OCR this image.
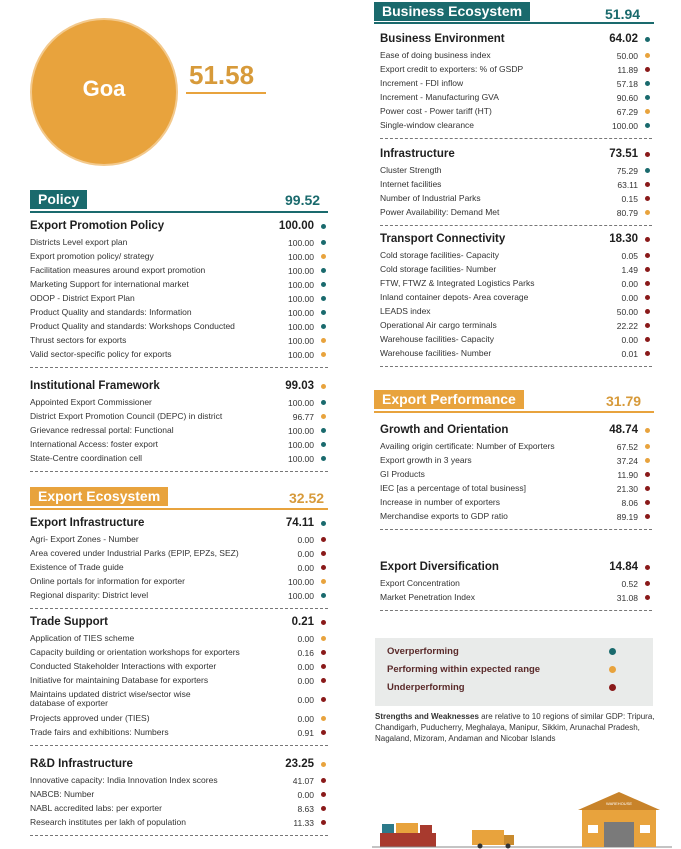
Goa	51.58
Policy	99.52
Export Promotion Policy	100.00
Districts Level export plan	100.00
Export promotion policy/ strategy	100.00
Facilitation measures around export promotion	100.00
Marketing Support for international market	100.00
ODOP - District Export Plan	100.00
Product Quality and standards: Information	100.00
Product Quality and standards: Workshops Conducted	100.00
Thrust sectors for exports	100.00
Valid sector-specific policy for exports	100.00
Institutional Framework	99.03
Appointed Export Commissioner	100.00
District Export Promotion Council (DEPC) in district	96.77
Grievance redressal portal: Functional	100.00
International Access: foster export	100.00
State-Centre coordination cell	100.00
Export Ecosystem	32.52
Export Infrastructure	74.11
Agri- Export Zones - Number	0.00
Area covered under Industrial Parks (EPIP, EPZs, SEZ)	0.00
Existence of Trade guide	0.00
Online portals for information for exporter	100.00
Regional disparity: District level	100.00
Trade Support	0.21
Application of TIES scheme	0.00
Capacity building or orientation workshops for exporters	0.16
Conducted Stakeholder Interactions with exporter	0.00
Initiative for maintaining Database for exporters	0.00
Maintains updated district wise/sector wise database of exporter	0.00
Projects approved under (TIES)	0.00
Trade fairs and exhibitions: Numbers	0.91
R&D Infrastructure	23.25
Innovative capacity: India Innovation Index scores	41.07
NABCB: Number	0.00
NABL accredited labs: per exporter	8.63
Research institutes per lakh of population	11.33
Business Ecosystem	51.94
Business Environment	64.02
Ease of doing business index	50.00
Export credit to exporters: % of GSDP	11.89
Increment - FDI inflow	57.18
Increment - Manufacturing GVA	90.60
Power cost - Power tariff (HT)	67.29
Single-window clearance	100.00
Infrastructure	73.51
Cluster Strength	75.29
Internet facilities	63.11
Number of Industrial Parks	0.15
Power Availability: Demand Met	80.79
Transport Connectivity	18.30
Cold storage facilities- Capacity	0.05
Cold storage facilities- Number	1.49
FTW, FTWZ & Integrated Logistics Parks	0.00
Inland container depots- Area coverage	0.00
LEADS index	50.00
Operational Air cargo terminals	22.22
Warehouse facilities- Capacity	0.00
Warehouse facilities- Number	0.01
Export Performance	31.79
Growth and Orientation	48.74
Availing origin certificate: Number of Exporters	67.52
Export growth in 3 years	37.24
GI Products	11.90
IEC [as a percentage of total business]	21.30
Increase in number of exporters	8.06
Merchandise exports to GDP ratio	89.19
Export Diversification	14.84
Export Concentration	0.52
Market Penetration Index	31.08
Overperforming
Performing within expected range
Underperforming
Strengths and Weaknesses are relative to 10 regions of similar GDP: Tripura, Chandigarh, Puducherry, Meghalaya, Manipur, Sikkim, Arunachal Pradesh, Nagaland, Mizoram, Andaman and Nicobar Islands
WAREHOUSE
